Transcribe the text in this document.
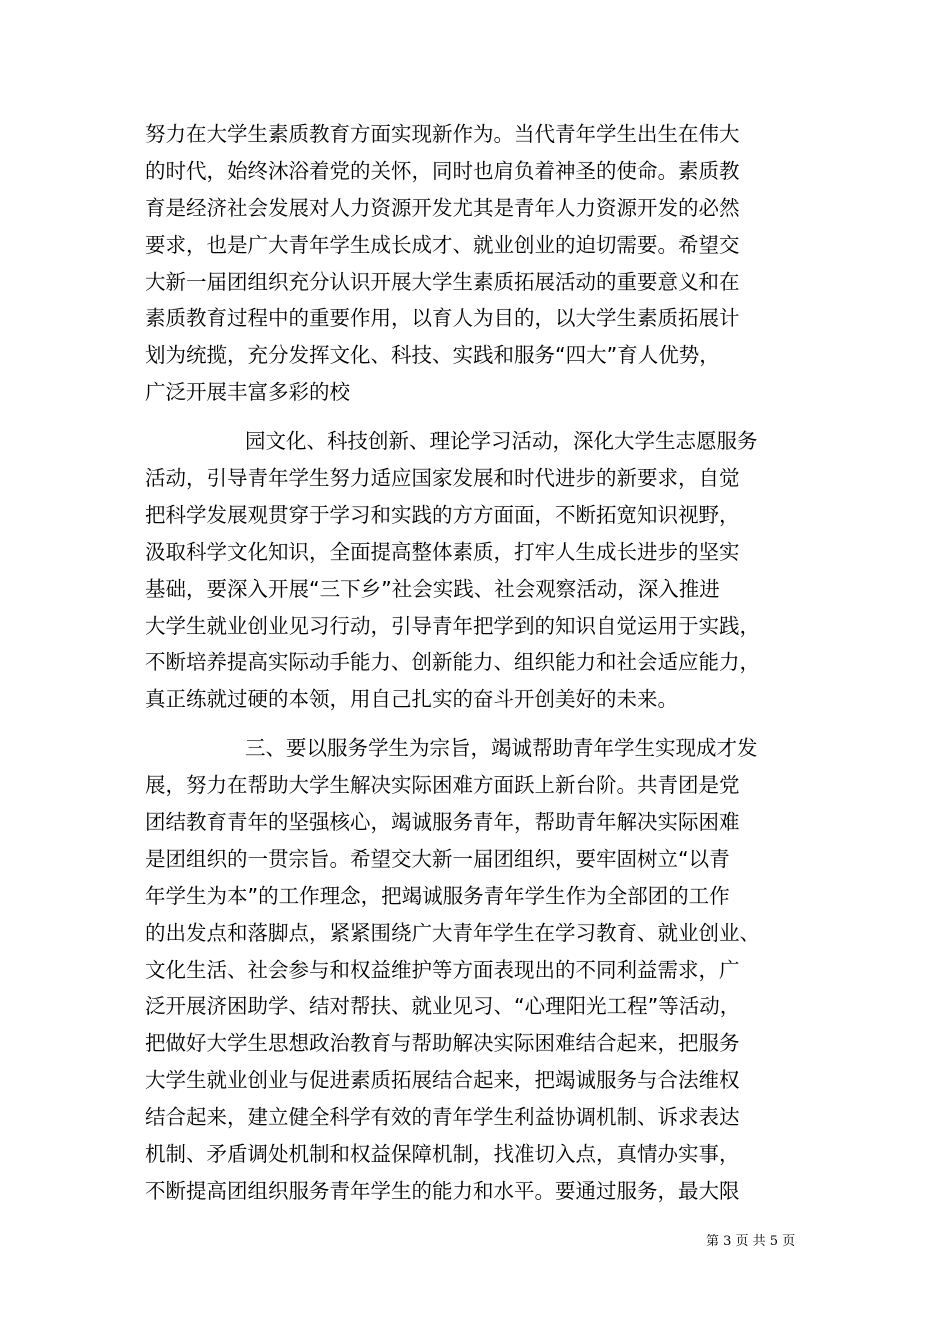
努力在大学生素质教育方面实现新作为。当代青年学生出生在伟大
的时代，始终沐浴着党的关怀，同时也肩负着神圣的使命。素质教
育是经济社会发展对人力资源开发尤其是青年人力资源开发的必然
要求，也是广大青年学生成长成才、就业创业的迫切需要。希望交
大新一届团组织充分认识开展大学生素质拓展活动的重要意义和在
素质教育过程中的重要作用，以育人为目的，以大学生素质拓展计
划为统揽，充分发挥文化、科技、实践和服务“四大”育人优势，
广泛开展丰富多彩的校
园文化、科技创新、理论学习活动，深化大学生志愿服务
活动，引导青年学生努力适应国家发展和时代进步的新要求，自觉
把科学发展观贯穿于学习和实践的方方面面，不断拓宽知识视野，
汲取科学文化知识，全面提高整体素质，打牢人生成长进步的坚实
基础，要深入开展“三下乡”社会实践、社会观察活动，深入推进
大学生就业创业见习行动，引导青年把学到的知识自觉运用于实践，
不断培养提高实际动手能力、创新能力、组织能力和社会适应能力，
真正练就过硬的本领，用自己扎实的奋斗开创美好的未来。
三、要以服务学生为宗旨，竭诚帮助青年学生实现成才发
展，努力在帮助大学生解决实际困难方面跃上新台阶。共青团是党
团结教育青年的坚强核心，竭诚服务青年，帮助青年解决实际困难
是团组织的一贯宗旨。希望交大新一届团组织，要牢固树立“以青
年学生为本”的工作理念，把竭诚服务青年学生作为全部团的工作
的出发点和落脚点，紧紧围绕广大青年学生在学习教育、就业创业、
文化生活、社会参与和权益维护等方面表现出的不同利益需求，广
泛开展济困助学、结对帮扶、就业见习、“心理阳光工程”等活动，
把做好大学生思想政治教育与帮助解决实际困难结合起来，把服务
大学生就业创业与促进素质拓展结合起来，把竭诚服务与合法维权
结合起来，建立健全科学有效的青年学生利益协调机制、诉求表达
机制、矛盾调处机制和权益保障机制，找准切入点，真情办实事，
不断提高团组织服务青年学生的能力和水平。要通过服务，最大限
第 3 页 共 5 页
